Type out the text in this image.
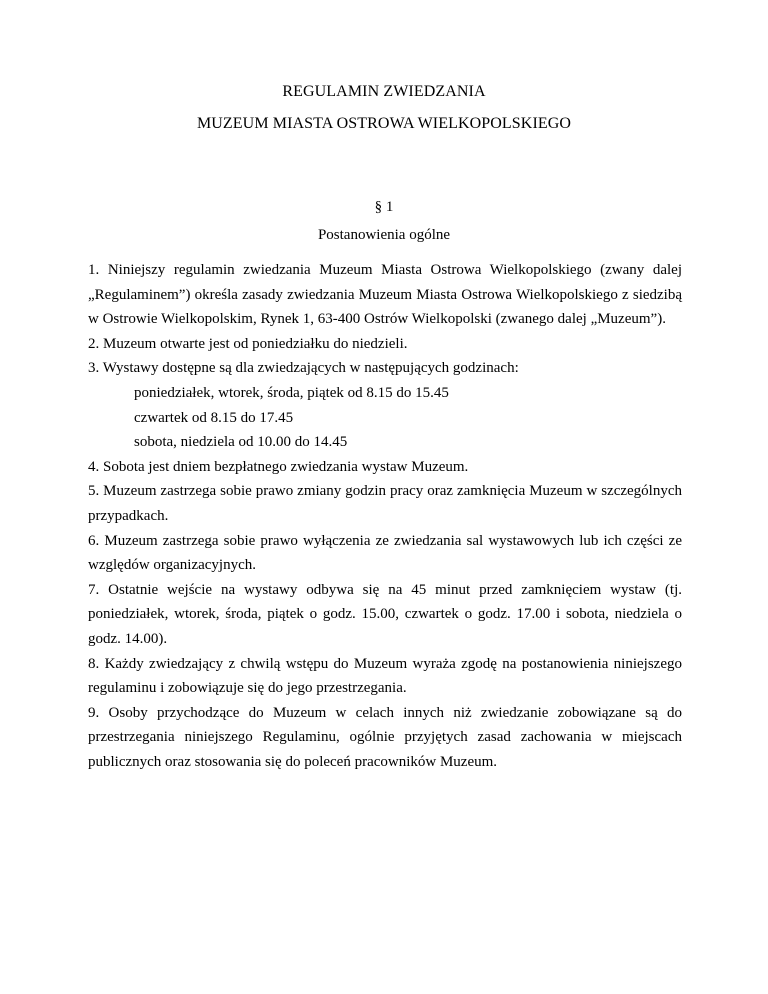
REGULAMIN ZWIEDZANIA
MUZEUM MIASTA OSTROWA WIELKOPOLSKIEGO
§ 1
Postanowienia ogólne

1. Niniejszy regulamin zwiedzania Muzeum Miasta Ostrowa Wielkopolskiego (zwany dalej „Regulaminem”) określa zasady zwiedzania Muzeum Miasta Ostrowa Wielkopolskiego z siedzibą w Ostrowie Wielkopolskim, Rynek 1, 63-400 Ostrów Wielkopolski (zwanego dalej „Muzeum”).

2. Muzeum otwarte jest od poniedziałku do niedzieli.

3. Wystawy dostępne są dla zwiedzających w następujących godzinach:

poniedziałek, wtorek, środa, piątek od 8.15 do 15.45

czwartek od 8.15 do 17.45

sobota, niedziela od 10.00 do 14.45

4. Sobota jest dniem bezpłatnego zwiedzania wystaw Muzeum.

5. Muzeum zastrzega sobie prawo zmiany godzin pracy oraz zamknięcia Muzeum w szczególnych przypadkach.

6. Muzeum zastrzega sobie prawo wyłączenia ze zwiedzania sal wystawowych lub ich części ze względów organizacyjnych.

7. Ostatnie wejście na wystawy odbywa się na 45 minut przed zamknięciem wystaw (tj. poniedziałek, wtorek, środa, piątek o godz. 15.00, czwartek o godz. 17.00 i sobota, niedziela o godz. 14.00).

8. Każdy zwiedzający z chwilą wstępu do Muzeum wyraża zgodę na postanowienia niniejszego regulaminu i zobowiązuje się do jego przestrzegania.

9. Osoby przychodzące do Muzeum w celach innych niż zwiedzanie zobowiązane są do przestrzegania niniejszego Regulaminu, ogólnie przyjętych zasad zachowania w miejscach publicznych oraz stosowania się do poleceń pracowników Muzeum.
